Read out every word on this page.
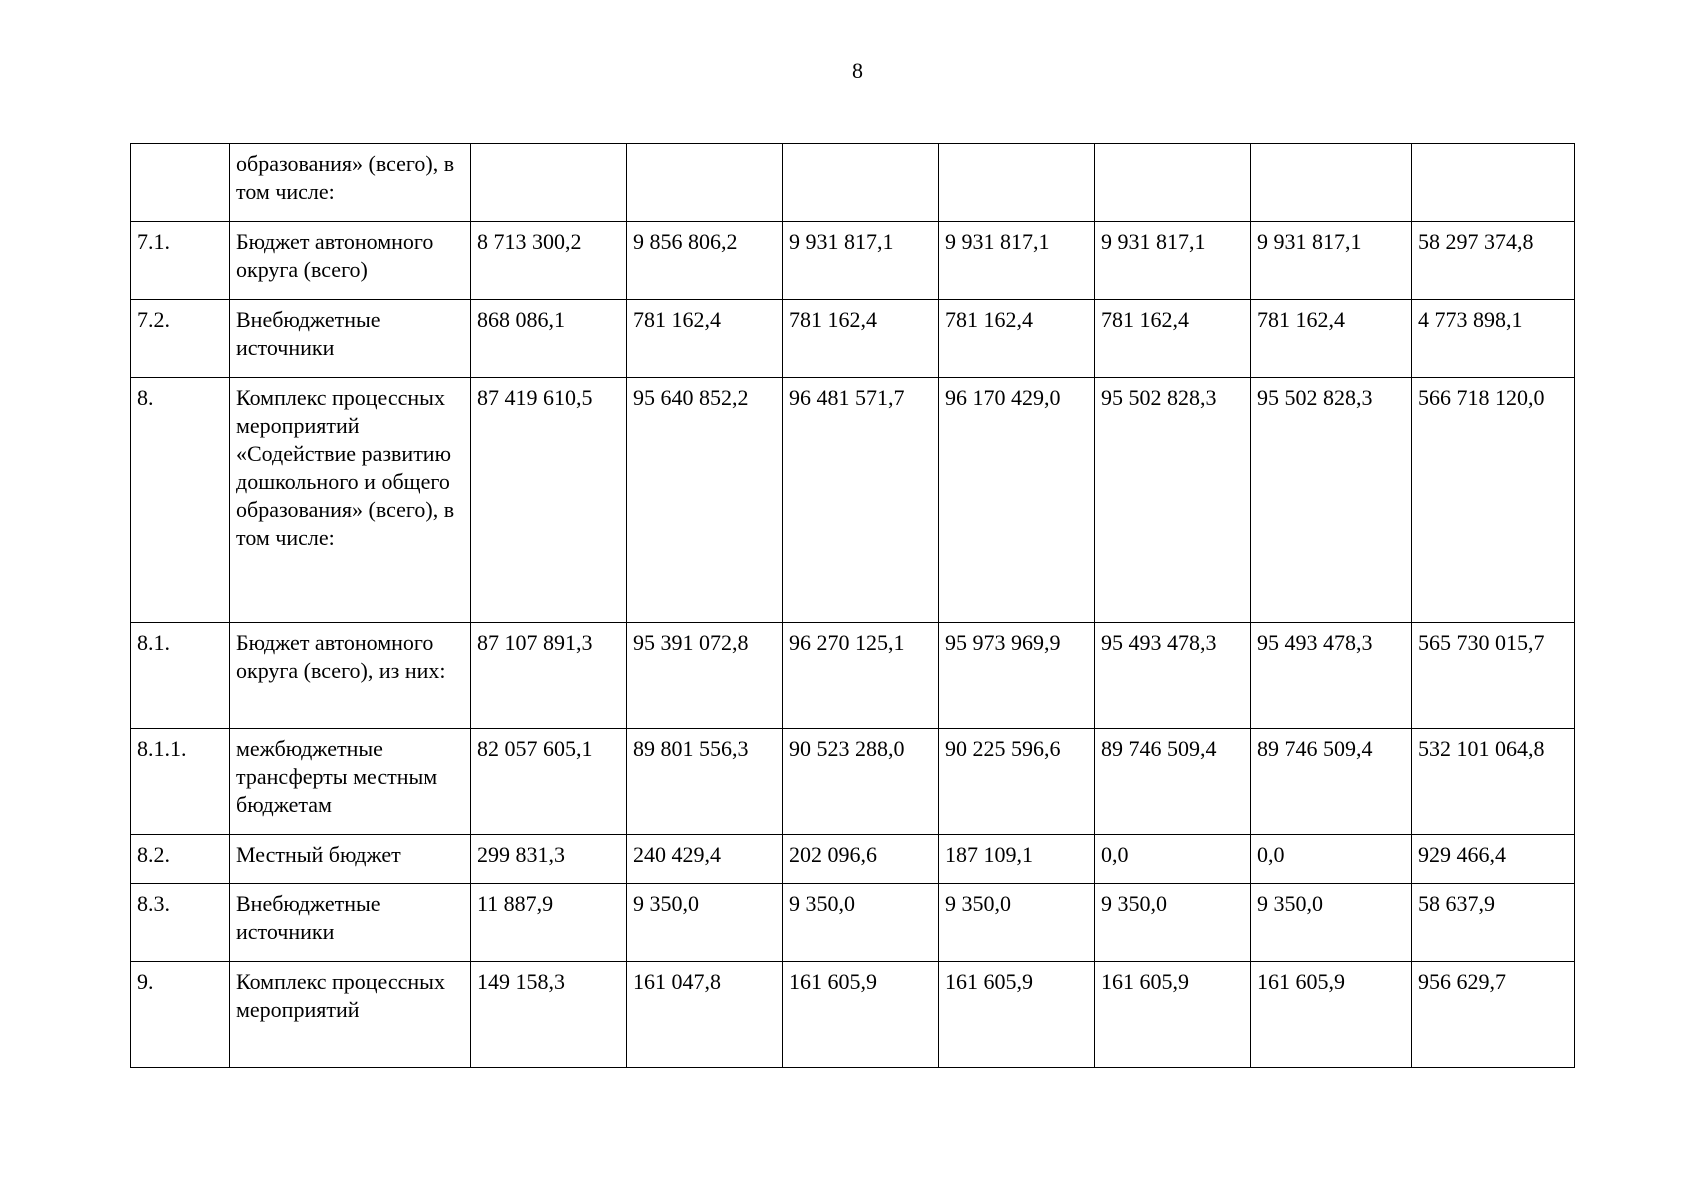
8
	образования» (всего), в том числе:							
7.1.	Бюджет автономного округа (всего)	8 713 300,2	9 856 806,2	9 931 817,1	9 931 817,1	9 931 817,1	9 931 817,1	58 297 374,8
7.2.	Внебюджетные источники	868 086,1	781 162,4	781 162,4	781 162,4	781 162,4	781 162,4	4 773 898,1
8.	Комплекс процессных мероприятий «Содействие развитию дошкольного и общего образования» (всего), в том числе:	87 419 610,5	95 640 852,2	96 481 571,7	96 170 429,0	95 502 828,3	95 502 828,3	566 718 120,0
8.1.	Бюджет автономного округа (всего), из них:	87 107 891,3	95 391 072,8	96 270 125,1	95 973 969,9	95 493 478,3	95 493 478,3	565 730 015,7
8.1.1.	межбюджетные трансферты местным бюджетам	82 057 605,1	89 801 556,3	90 523 288,0	90 225 596,6	89 746 509,4	89 746 509,4	532 101 064,8
8.2.	Местный бюджет	299 831,3	240 429,4	202 096,6	187 109,1	0,0	0,0	929 466,4
8.3.	Внебюджетные источники	11 887,9	9 350,0	9 350,0	9 350,0	9 350,0	9 350,0	58 637,9
9.	Комплекс процессных мероприятий	149 158,3	161 047,8	161 605,9	161 605,9	161 605,9	161 605,9	956 629,7
